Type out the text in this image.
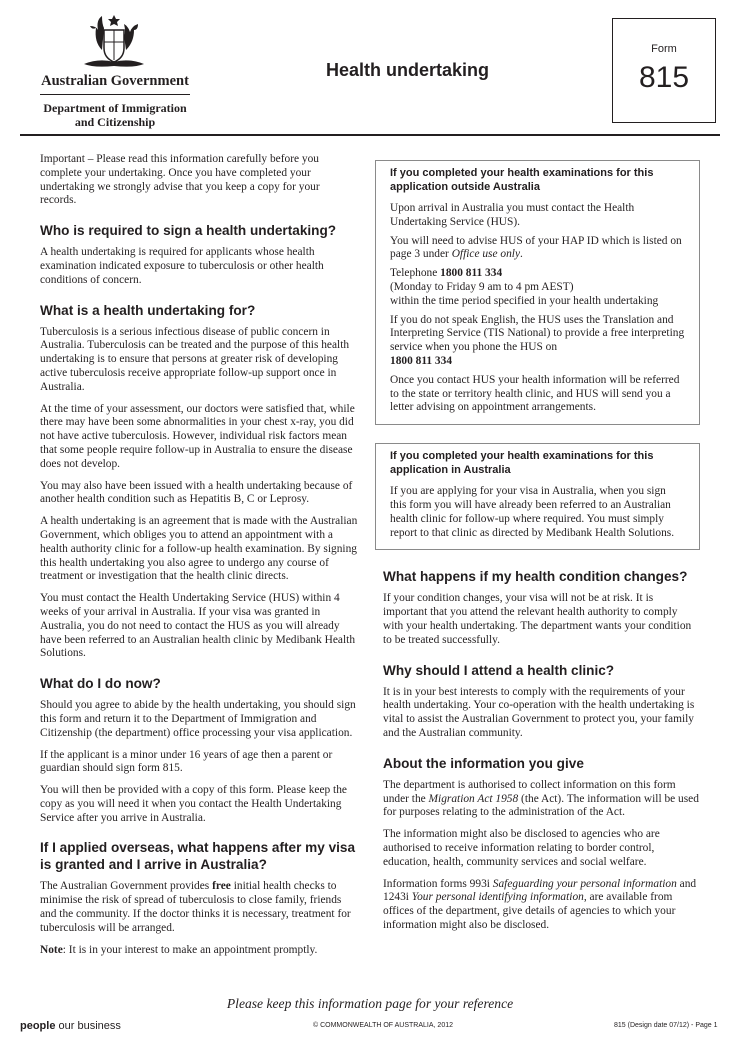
Australian Government
Department of Immigration
and Citizenship
Health undertaking
Form
815

Important – Please read this information carefully before you complete your undertaking. Once you have completed your undertaking we strongly advise that you keep a copy for your records.

Who is required to sign a health undertaking?

A health undertaking is required for applicants whose health examination indicated exposure to tuberculosis or other health conditions of concern.

What is a health undertaking for?

Tuberculosis is a serious infectious disease of public concern in Australia. Tuberculosis can be treated and the purpose of this health undertaking is to ensure that persons at greater risk of developing active tuberculosis receive appropriate follow-up support once in Australia.

At the time of your assessment, our doctors were satisfied that, while there may have been some abnormalities in your chest x-ray, you did not have active tuberculosis. However, individual risk factors mean that some people require follow-up in Australia to ensure the disease does not develop.

You may also have been issued with a health undertaking because of another health condition such as Hepatitis B, C or Leprosy.

A health undertaking is an agreement that is made with the Australian Government, which obliges you to attend an appointment with a health authority clinic for a follow-up health examination. By signing this health undertaking you also agree to undergo any course of treatment or investigation that the health clinic directs.

You must contact the Health Undertaking Service (HUS) within 4 weeks of your arrival in Australia. If your visa was granted in Australia, you do not need to contact the HUS as you will already have been referred to an Australian health clinic by Medibank Health Solutions.

What do I do now?

Should you agree to abide by the health undertaking, you should sign this form and return it to the Department of Immigration and Citizenship (the department) office processing your visa application.

If the applicant is a minor under 16 years of age then a parent or guardian should sign form 815.

You will then be provided with a copy of this form. Please keep the copy as you will need it when you contact the Health Undertaking Service after you arrive in Australia.

If I applied overseas, what happens after my visa is granted and I arrive in Australia?

The Australian Government provides free initial health checks to minimise the risk of spread of tuberculosis to close family, friends and the community. If the doctor thinks it is necessary, treatment for tuberculosis will be arranged.

Note: It is in your interest to make an appointment promptly.

If you completed your health examinations for this application outside Australia

Upon arrival in Australia you must contact the Health Undertaking Service (HUS).

You will need to advise HUS of your HAP ID which is listed on page 3 under Office use only.

Telephone 1800 811 334
(Monday to Friday 9 am to 4 pm AEST)
within the time period specified in your health undertaking

If you do not speak English, the HUS uses the Translation and Interpreting Service (TIS National) to provide a free interpreting service when you phone the HUS on
1800 811 334

Once you contact HUS your health information will be referred to the state or territory health clinic, and HUS will send you a letter advising on appointment arrangements.

If you completed your health examinations for this application in Australia

If you are applying for your visa in Australia, when you sign this form you will have already been referred to an Australian health clinic for follow-up where required. You must simply report to that clinic as directed by Medibank Health Solutions.

What happens if my health condition changes?

If your condition changes, your visa will not be at risk. It is important that you attend the relevant health authority to comply with your health undertaking. The department wants your condition to be treated successfully.

Why should I attend a health clinic?

It is in your best interests to comply with the requirements of your health undertaking. Your co-operation with the health undertaking is vital to assist the Australian Government to protect you, your family and the Australian community.

About the information you give

The department is authorised to collect information on this form under the Migration Act 1958 (the Act). The information will be used for purposes relating to the administration of the Act.

The information might also be disclosed to agencies who are authorised to receive information relating to border control, education, health, community services and social welfare.

Information forms 993i Safeguarding your personal information and 1243i Your personal identifying information, are available from offices of the department, give details of agencies to which your information might also be disclosed.

Please keep this information page for your reference
people our business	© COMMONWEALTH OF AUSTRALIA, 2012	815 (Design date 07/12) - Page 1
